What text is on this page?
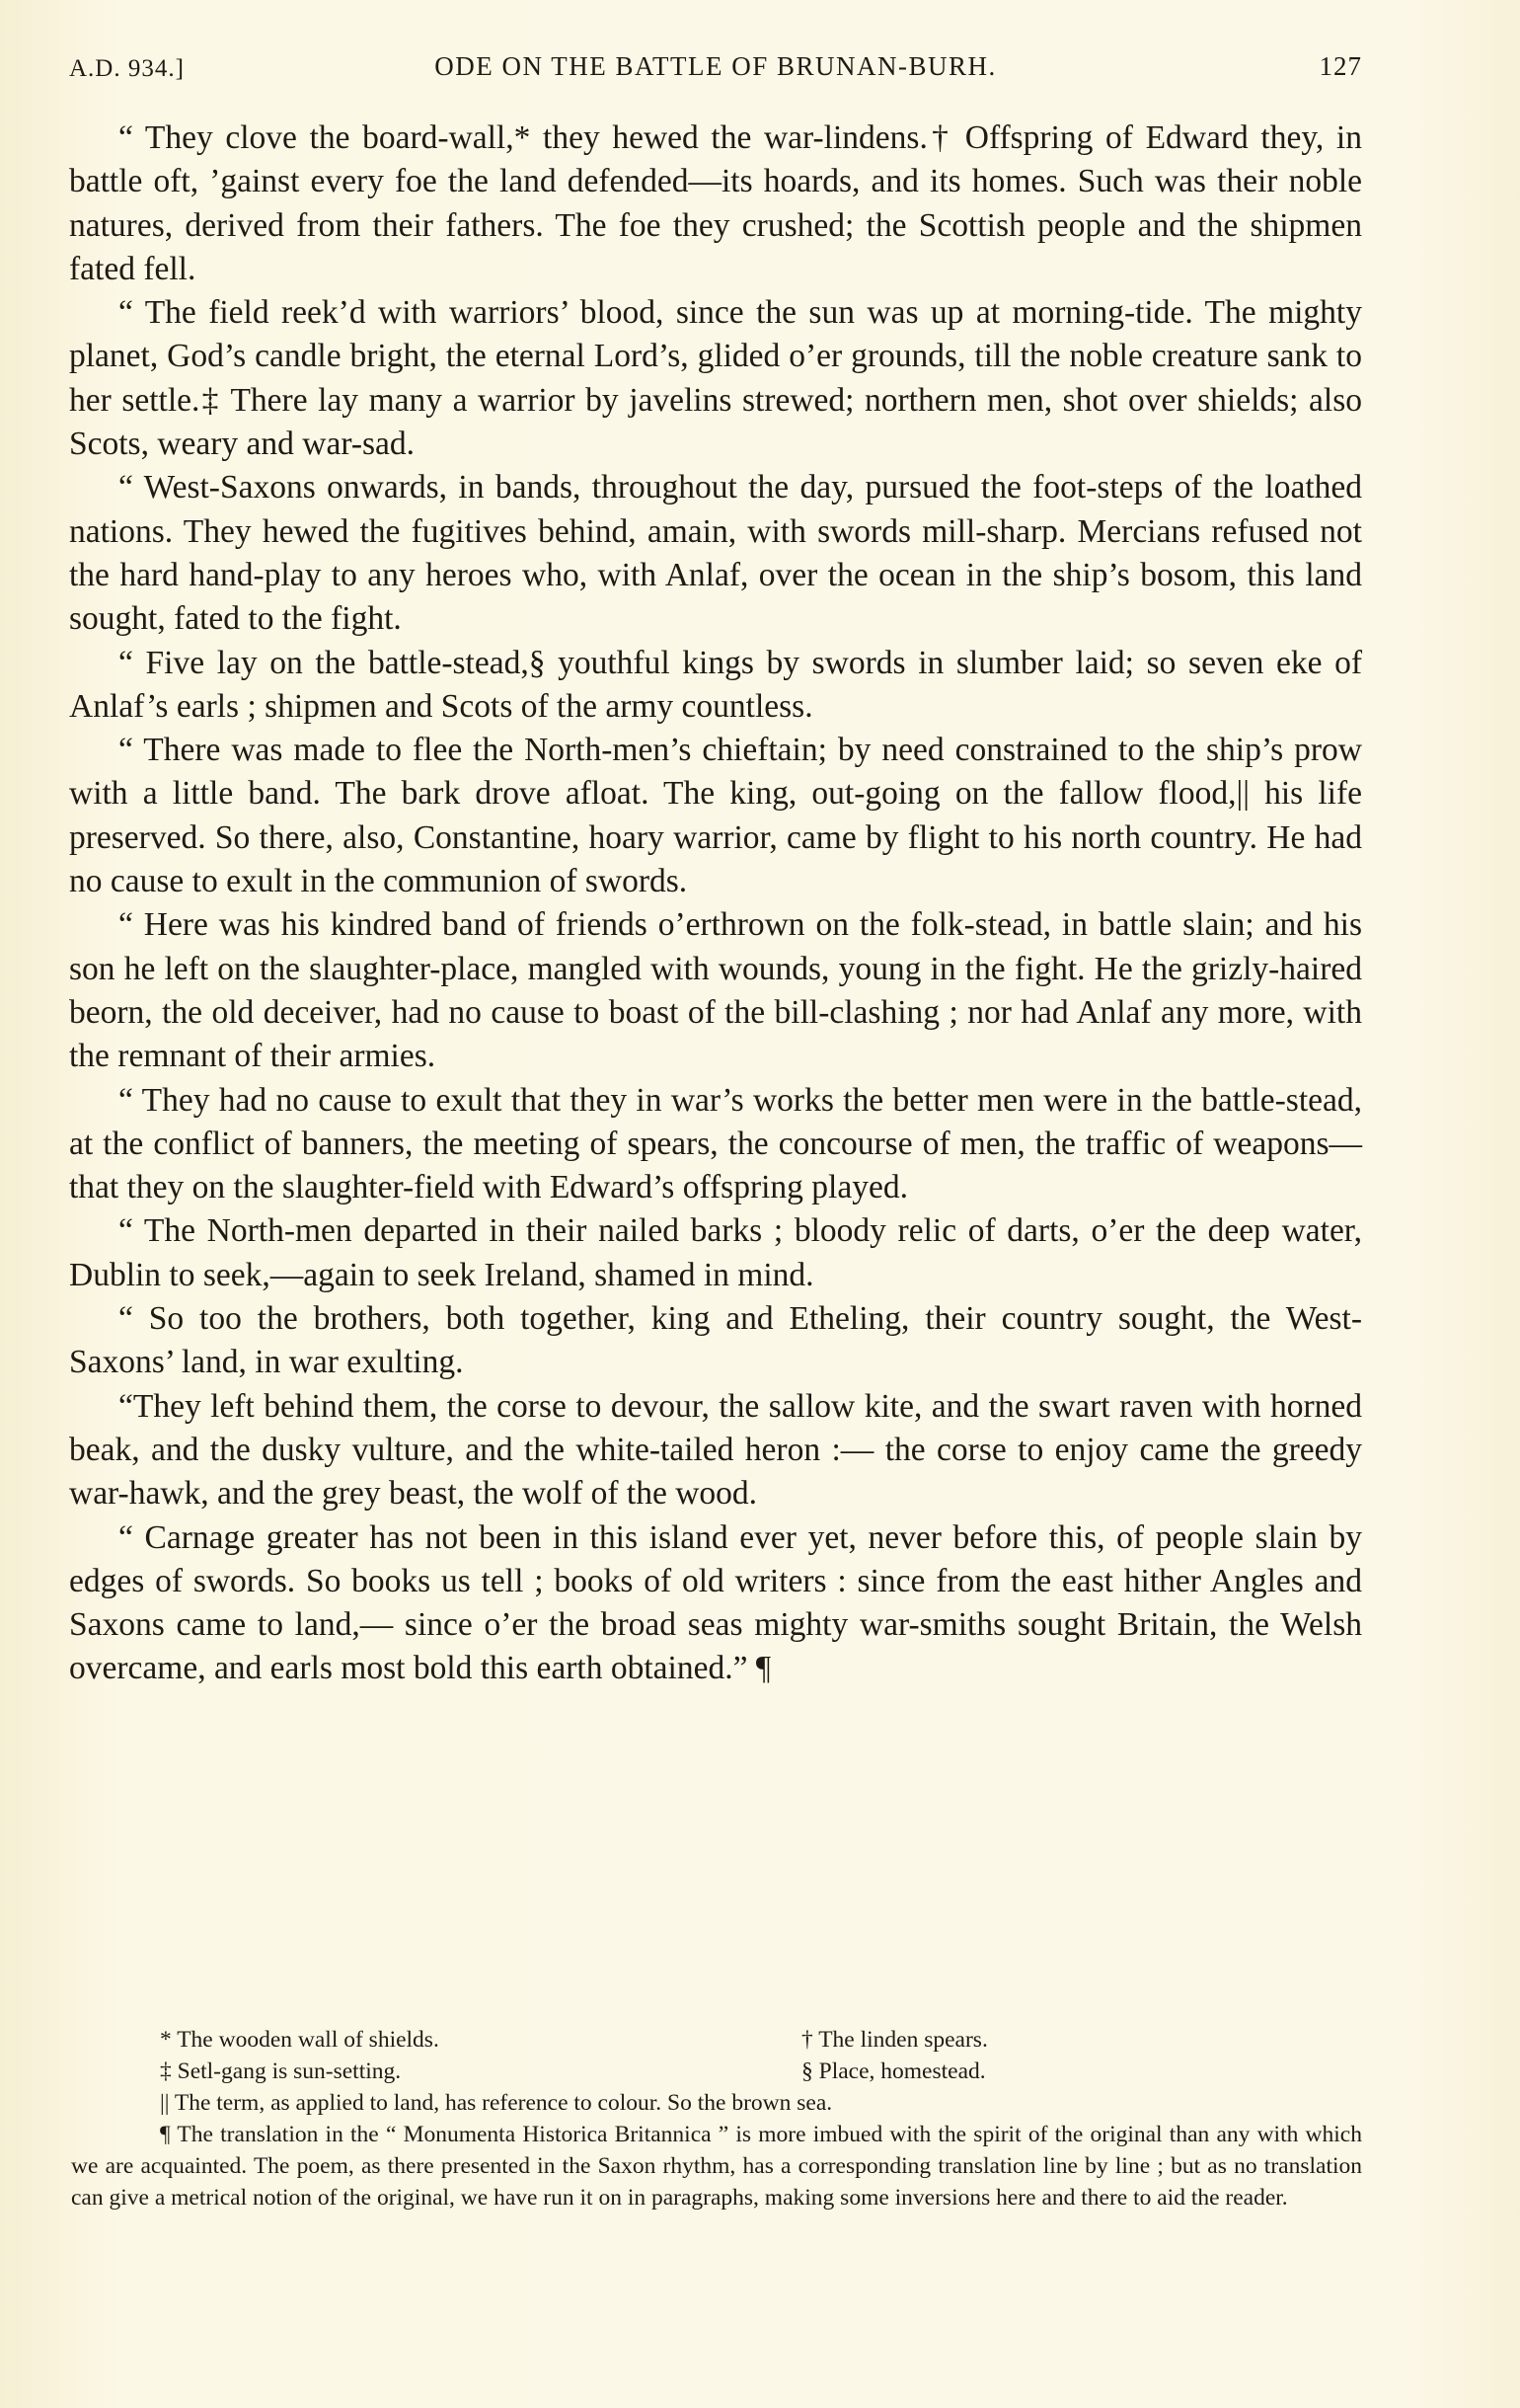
A.D. 934.]	ODE ON THE BATTLE OF BRUNAN-BURH.	127

“ They clove the board-wall,* they hewed the war-lindens.† Offspring of Edward they, in battle oft, ’gainst every foe the land defended—its hoards, and its homes. Such was their noble natures, derived from their fathers. The foe they crushed; the Scottish people and the shipmen fated fell.

“ The field reek’d with warriors’ blood, since the sun was up at morning-tide. The mighty planet, God’s candle bright, the eternal Lord’s, glided o’er grounds, till the noble creature sank to her settle.‡ There lay many a warrior by javelins strewed; northern men, shot over shields; also Scots, weary and war-sad.

“ West-Saxons onwards, in bands, throughout the day, pursued the foot-steps of the loathed nations. They hewed the fugitives behind, amain, with swords mill-sharp. Mercians refused not the hard hand-play to any heroes who, with Anlaf, over the ocean in the ship’s bosom, this land sought, fated to the fight.

“ Five lay on the battle-stead,§ youthful kings by swords in slumber laid; so seven eke of Anlaf’s earls ; shipmen and Scots of the army countless.

“ There was made to flee the North-men’s chieftain; by need constrained to the ship’s prow with a little band. The bark drove afloat. The king, out-going on the fallow flood,|| his life preserved. So there, also, Constantine, hoary warrior, came by flight to his north country. He had no cause to exult in the communion of swords.

“ Here was his kindred band of friends o’erthrown on the folk-stead, in battle slain; and his son he left on the slaughter-place, mangled with wounds, young in the fight. He the grizly-haired beorn, the old deceiver, had no cause to boast of the bill-clashing ; nor had Anlaf any more, with the remnant of their armies.

“ They had no cause to exult that they in war’s works the better men were in the battle-stead, at the conflict of banners, the meeting of spears, the concourse of men, the traffic of weapons—that they on the slaughter-field with Edward’s offspring played.

“ The North-men departed in their nailed barks ; bloody relic of darts, o’er the deep water, Dublin to seek,—again to seek Ireland, shamed in mind.

“ So too the brothers, both together, king and Etheling, their country sought, the West-Saxons’ land, in war exulting.

“They left behind them, the corse to devour, the sallow kite, and the swart raven with horned beak, and the dusky vulture, and the white-tailed heron :— the corse to enjoy came the greedy war-hawk, and the grey beast, the wolf of the wood.

“ Carnage greater has not been in this island ever yet, never before this, of people slain by edges of swords. So books us tell ; books of old writers : since from the east hither Angles and Saxons came to land,— since o’er the broad seas mighty war-smiths sought Britain, the Welsh overcame, and earls most bold this earth obtained.” ¶

* The wooden wall of shields.	† The linden spears.
‡ Setl-gang is sun-setting.	§ Place, homestead.
|| The term, as applied to land, has reference to colour. So the brown sea.
¶ The translation in the “ Monumenta Historica Britannica ” is more imbued with the spirit of the original than any with which we are acquainted. The poem, as there presented in the Saxon rhythm, has a corresponding translation line by line ; but as no translation can give a metrical notion of the original, we have run it on in paragraphs, making some inversions here and there to aid the reader.
